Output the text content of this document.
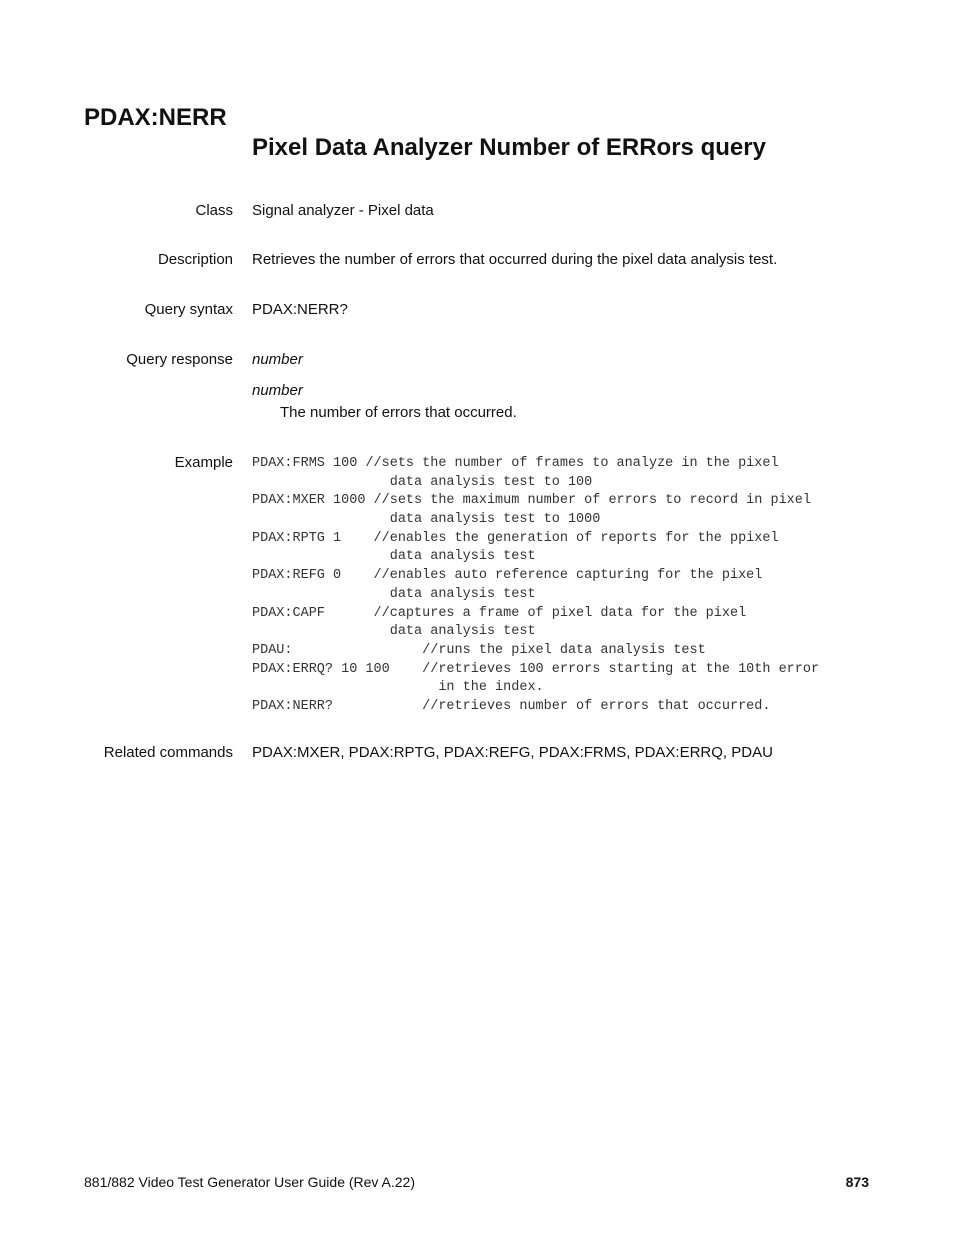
PDAX:NERR
Pixel Data Analyzer Number of ERRors query
Class Signal analyzer - Pixel data
Description Retrieves the number of errors that occurred during the pixel data analysis test.
Query syntax PDAX:NERR?
Query response number
number
The number of errors that occurred.
Example PDAX:FRMS 100 //sets the number of frames to analyze in the pixel
data analysis test to 100
PDAX:MXER 1000 //sets the maximum number of errors to record in pixel
data analysis test to 1000
PDAX:RPTG 1    //enables the generation of reports for the ppixel
data analysis test
PDAX:REFG 0    //enables auto reference capturing for the pixel
data analysis test
PDAX:CAPF      //captures a frame of pixel data for the pixel
data analysis test
PDAU:                //runs the pixel data analysis test
PDAX:ERRQ? 10 100    //retrieves 100 errors starting at the 10th error
in the index.
PDAX:NERR?           //retrieves number of errors that occurred.
Related commands PDAX:MXER, PDAX:RPTG, PDAX:REFG, PDAX:FRMS, PDAX:ERRQ, PDAU
881/882 Video Test Generator User Guide (Rev A.22)	873
